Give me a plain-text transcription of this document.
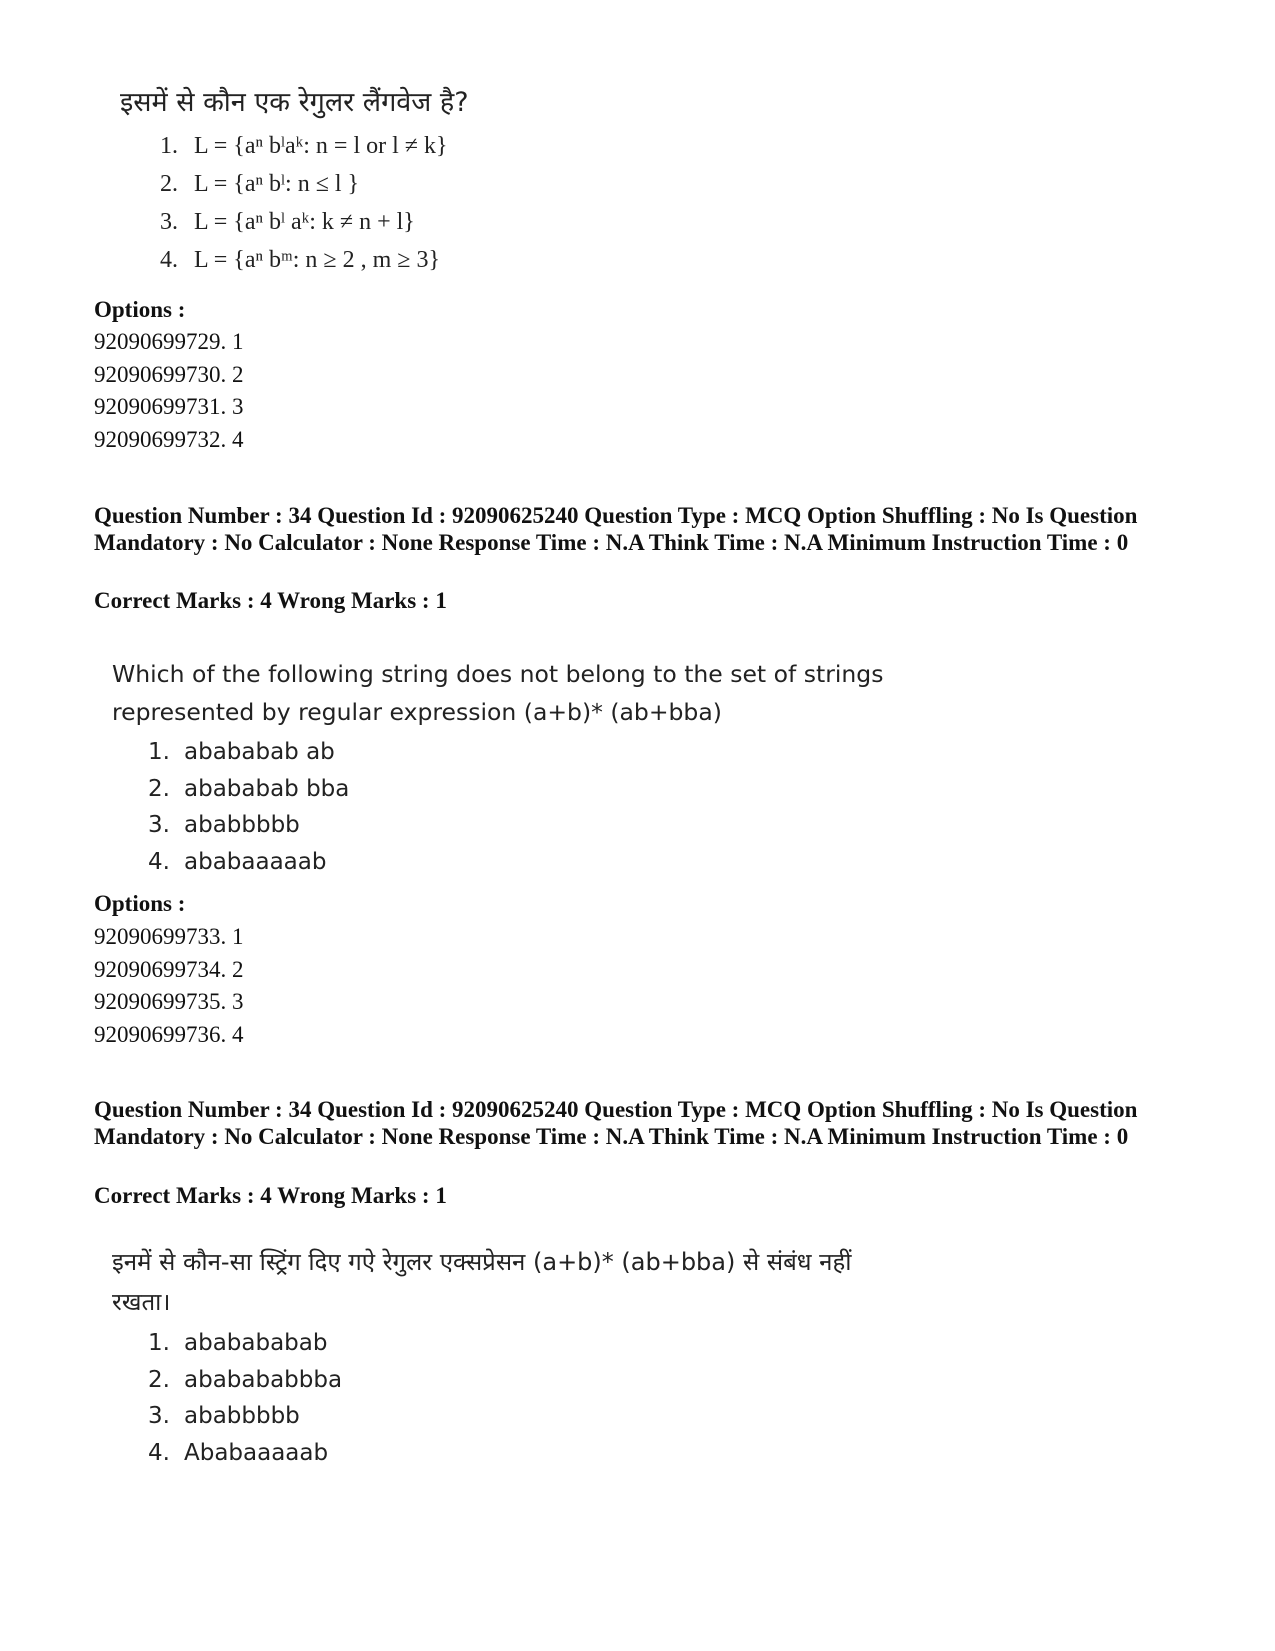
इसमें से कौन एक रेगुलर लैंगवेज है?

1. L = {aⁿ bˡaᵏ: n = l or l ≠ k}
2. L = {aⁿ bˡ: n ≤ l }
3. L = {aⁿ bˡ aᵏ: k ≠ n + l}
4. L = {aⁿ bᵐ: n ≥ 2 , m ≥ 3}
Options :
92090699729. 1
92090699730. 2
92090699731. 3
92090699732. 4
Question Number : 34 Question Id : 92090625240 Question Type : MCQ Option Shuffling : No Is Question Mandatory : No Calculator : None Response Time : N.A Think Time : N.A Minimum Instruction Time : 0
Correct Marks : 4 Wrong Marks : 1

Which of the following string does not belong to the set of strings

represented by regular expression (a+b)* (ab+bba)

1. abababab ab
2. abababab bba
3. ababbbbb
4. ababaaaaab
Options :
92090699733. 1
92090699734. 2
92090699735. 3
92090699736. 4
Question Number : 34 Question Id : 92090625240 Question Type : MCQ Option Shuffling : No Is Question Mandatory : No Calculator : None Response Time : N.A Think Time : N.A Minimum Instruction Time : 0
Correct Marks : 4 Wrong Marks : 1

इनमें से कौन-सा स्ट्रिंग दिए गऐ रेगुलर एक्सप्रेसन (a+b)* (ab+bba) से संबंध नहीं

रखता।

1. ababababab
2. ababababbba
3. ababbbbb
4. Ababaaaaab
